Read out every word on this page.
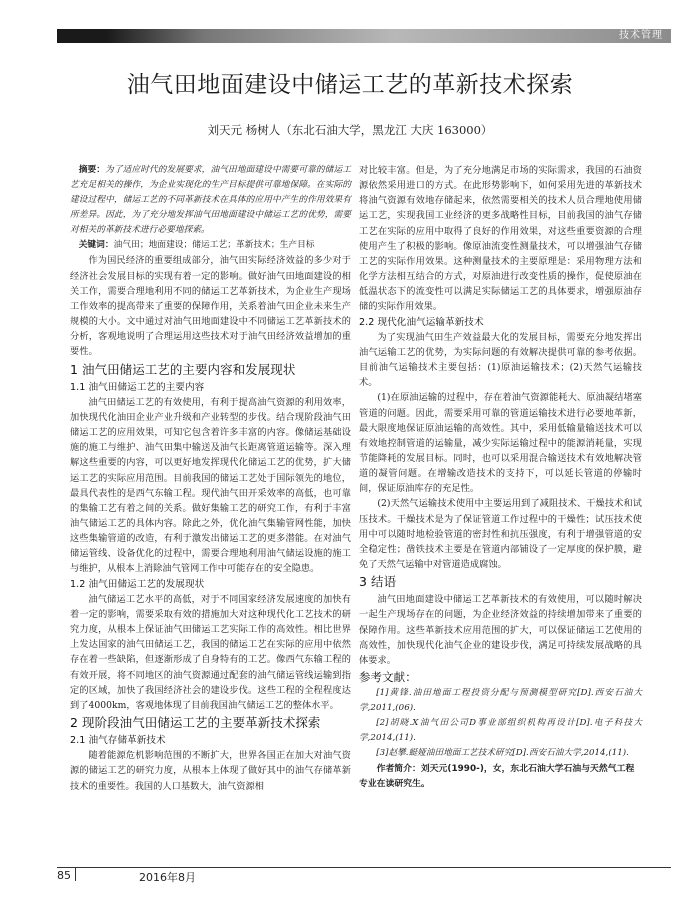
技术管理
油气田地面建设中储运工艺的革新技术探索
刘天元 杨树人（东北石油大学，黑龙江 大庆 163000）

摘要：为了适应时代的发展要求，油气田地面建设中需要可靠的储运工艺充足相关的操作，为企业实现化的生产目标提供可靠地保障。在实际的建设过程中，储运工艺的不同革新技术在具体的应用中产生的作用效果有所差异。因此，为了充分地发挥油气田地面建设中储运工艺的优势，需要对相关的革新技术进行必要地探索。

关键词：油气田；地面建设；储运工艺；革新技术；生产目标

作为国民经济的重要组成部分，油气田实际经济效益的多少对于经济社会发展目标的实现有着一定的影响。做好油气田地面建设的相关工作，需要合理地利用不同的储运工艺革新技术，为企业生产现场工作效率的提高带来了重要的保障作用，关系着油气田企业未来生产规模的大小。文中通过对油气田地面建设中不同储运工艺革新技术的分析，客观地说明了合理运用这些技术对于油气田经济效益增加的重要性。

1 油气田储运工艺的主要内容和发展现状

1.1 油气田储运工艺的主要内容

油气田储运工艺的有效使用，有利于提高油气资源的利用效率，加快现代化油田企业产业升级和产业转型的步伐。结合现阶段油气田储运工艺的应用效果，可知它包含着许多丰富的内容。像储运基础设施的施工与维护、油气田集中输送及油气长距离管道运输等。深入理解这些重要的内容，可以更好地发挥现代化储运工艺的优势，扩大储运工艺的实际应用范围。目前我国的储运工艺处于国际领先的地位，最具代表性的是西气东输工程。现代油气田开采效率的高低，也可靠的集输工艺有着之间的关系。做好集输工艺的研究工作，有利于丰富油气储运工艺的具体内容。除此之外，优化油气集输管网性能，加快这些集输管道的改造，有利于激发出储运工艺的更多潜能。在对油气储运管线、设备优化的过程中，需要合理地利用油气储运设施的施工与维护，从根本上消除油气管网工作中可能存在的安全隐患。

1.2 油气田储运工艺的发展现状

油气储运工艺水平的高低，对于不同国家经济发展速度的加快有着一定的影响，需要采取有效的措施加大对这种现代化工艺技术的研究力度，从根本上保证油气田储运工艺实际工作的高效性。相比世界上发达国家的油气田储运工艺，我国的储运工艺在实际的应用中依然存在着一些缺陷，但逐渐形成了自身特有的工艺。像西气东输工程的有效开展，将不同地区的油气资源通过配套的油气储运管线运输到指定的区域，加快了我国经济社会的建设步伐。这些工程的全程程度达到了4000km，客观地体现了目前我国油气储运工艺的整体水平。

2 现阶段油气田储运工艺的主要革新技术探索

2.1 油气存储革新技术

随着能源危机影响范围的不断扩大，世界各国正在加大对油气资源的储运工艺的研究力度，从根本上体现了做好其中的油气存储革新技术的重要性。我国的人口基数大，油气资源相

对比较丰富。但是，为了充分地满足市场的实际需求，我国的石油资源依然采用进口的方式。在此形势影响下，如何采用先进的革新技术将油气资源有效地存储起来，依然需要相关的技术人员合理地使用储运工艺，实现我国工业经济的更多战略性目标，目前我国的油气存储工艺在实际的应用中取得了良好的作用效果，对这些重要资源的合理使用产生了积极的影响。像原油流变性测量技术，可以增强油气存储工艺的实际作用效果。这种测量技术的主要原理是：采用物理方法和化学方法相互结合的方式，对原油进行改变性质的操作，促使原油在低温状态下的流变性可以满足实际储运工艺的具体要求，增强原油存储的实际作用效果。

2.2 现代化油气运输革新技术

为了实现油气田生产效益最大化的发展目标，需要充分地发挥出油气运输工艺的优势，为实际问题的有效解决提供可靠的参考依据。目前油气运输技术主要包括：(1)原油运输技术；(2)天然气运输技术。

(1)在原油运输的过程中，存在着油气资源能耗大、原油凝结堵塞管道的问题。因此，需要采用可靠的管道运输技术进行必要地革新，最大限度地保证原油运输的高效性。其中，采用低输量输送技术可以有效地控制管道的运输量，减少实际运输过程中的能源消耗量，实现节能降耗的发展目标。同时，也可以采用混合输送技术有效地解决管道的凝管问题。在增输改造技术的支持下，可以延长管道的停输时间，保证原油库存的充足性。

(2)天然气运输技术使用中主要运用到了减阻技术、干燥技术和试压技术。干燥技术是为了保证管道工作过程中的干燥性；试压技术使用中可以随时地检验管道的密封性和抗压强度，有利于增强管道的安全稳定性；凿铁技术主要是在管道内部铺设了一定厚度的保护膜，避免了天然气运输中对管道造成腐蚀。

3 结语

油气田地面建设中储运工艺革新技术的有效使用，可以随时解决一起生产现场存在的问题，为企业经济效益的持续增加带来了重要的保障作用。这些革新技术应用范围的扩大，可以保证储运工艺使用的高效性，加快现代化油气企业的建设步伐，满足可持续发展战略的具体要求。

参考文献：

[1]黄锋.油田地面工程投资分配与预测模型研究[D].西安石油大学,2011,(06).

[2]胡晓.X油气田公司D事业部组织机构再设计[D].电子科技大学,2014,(11).

[3]赵攀.蜓娅油田地面工艺技术研究[D].西安石油大学,2014,(11).

作者简介：刘天元(1990-)，女，东北石油大学石油与天然气工程专业在读研究生。

85	2016年8月
